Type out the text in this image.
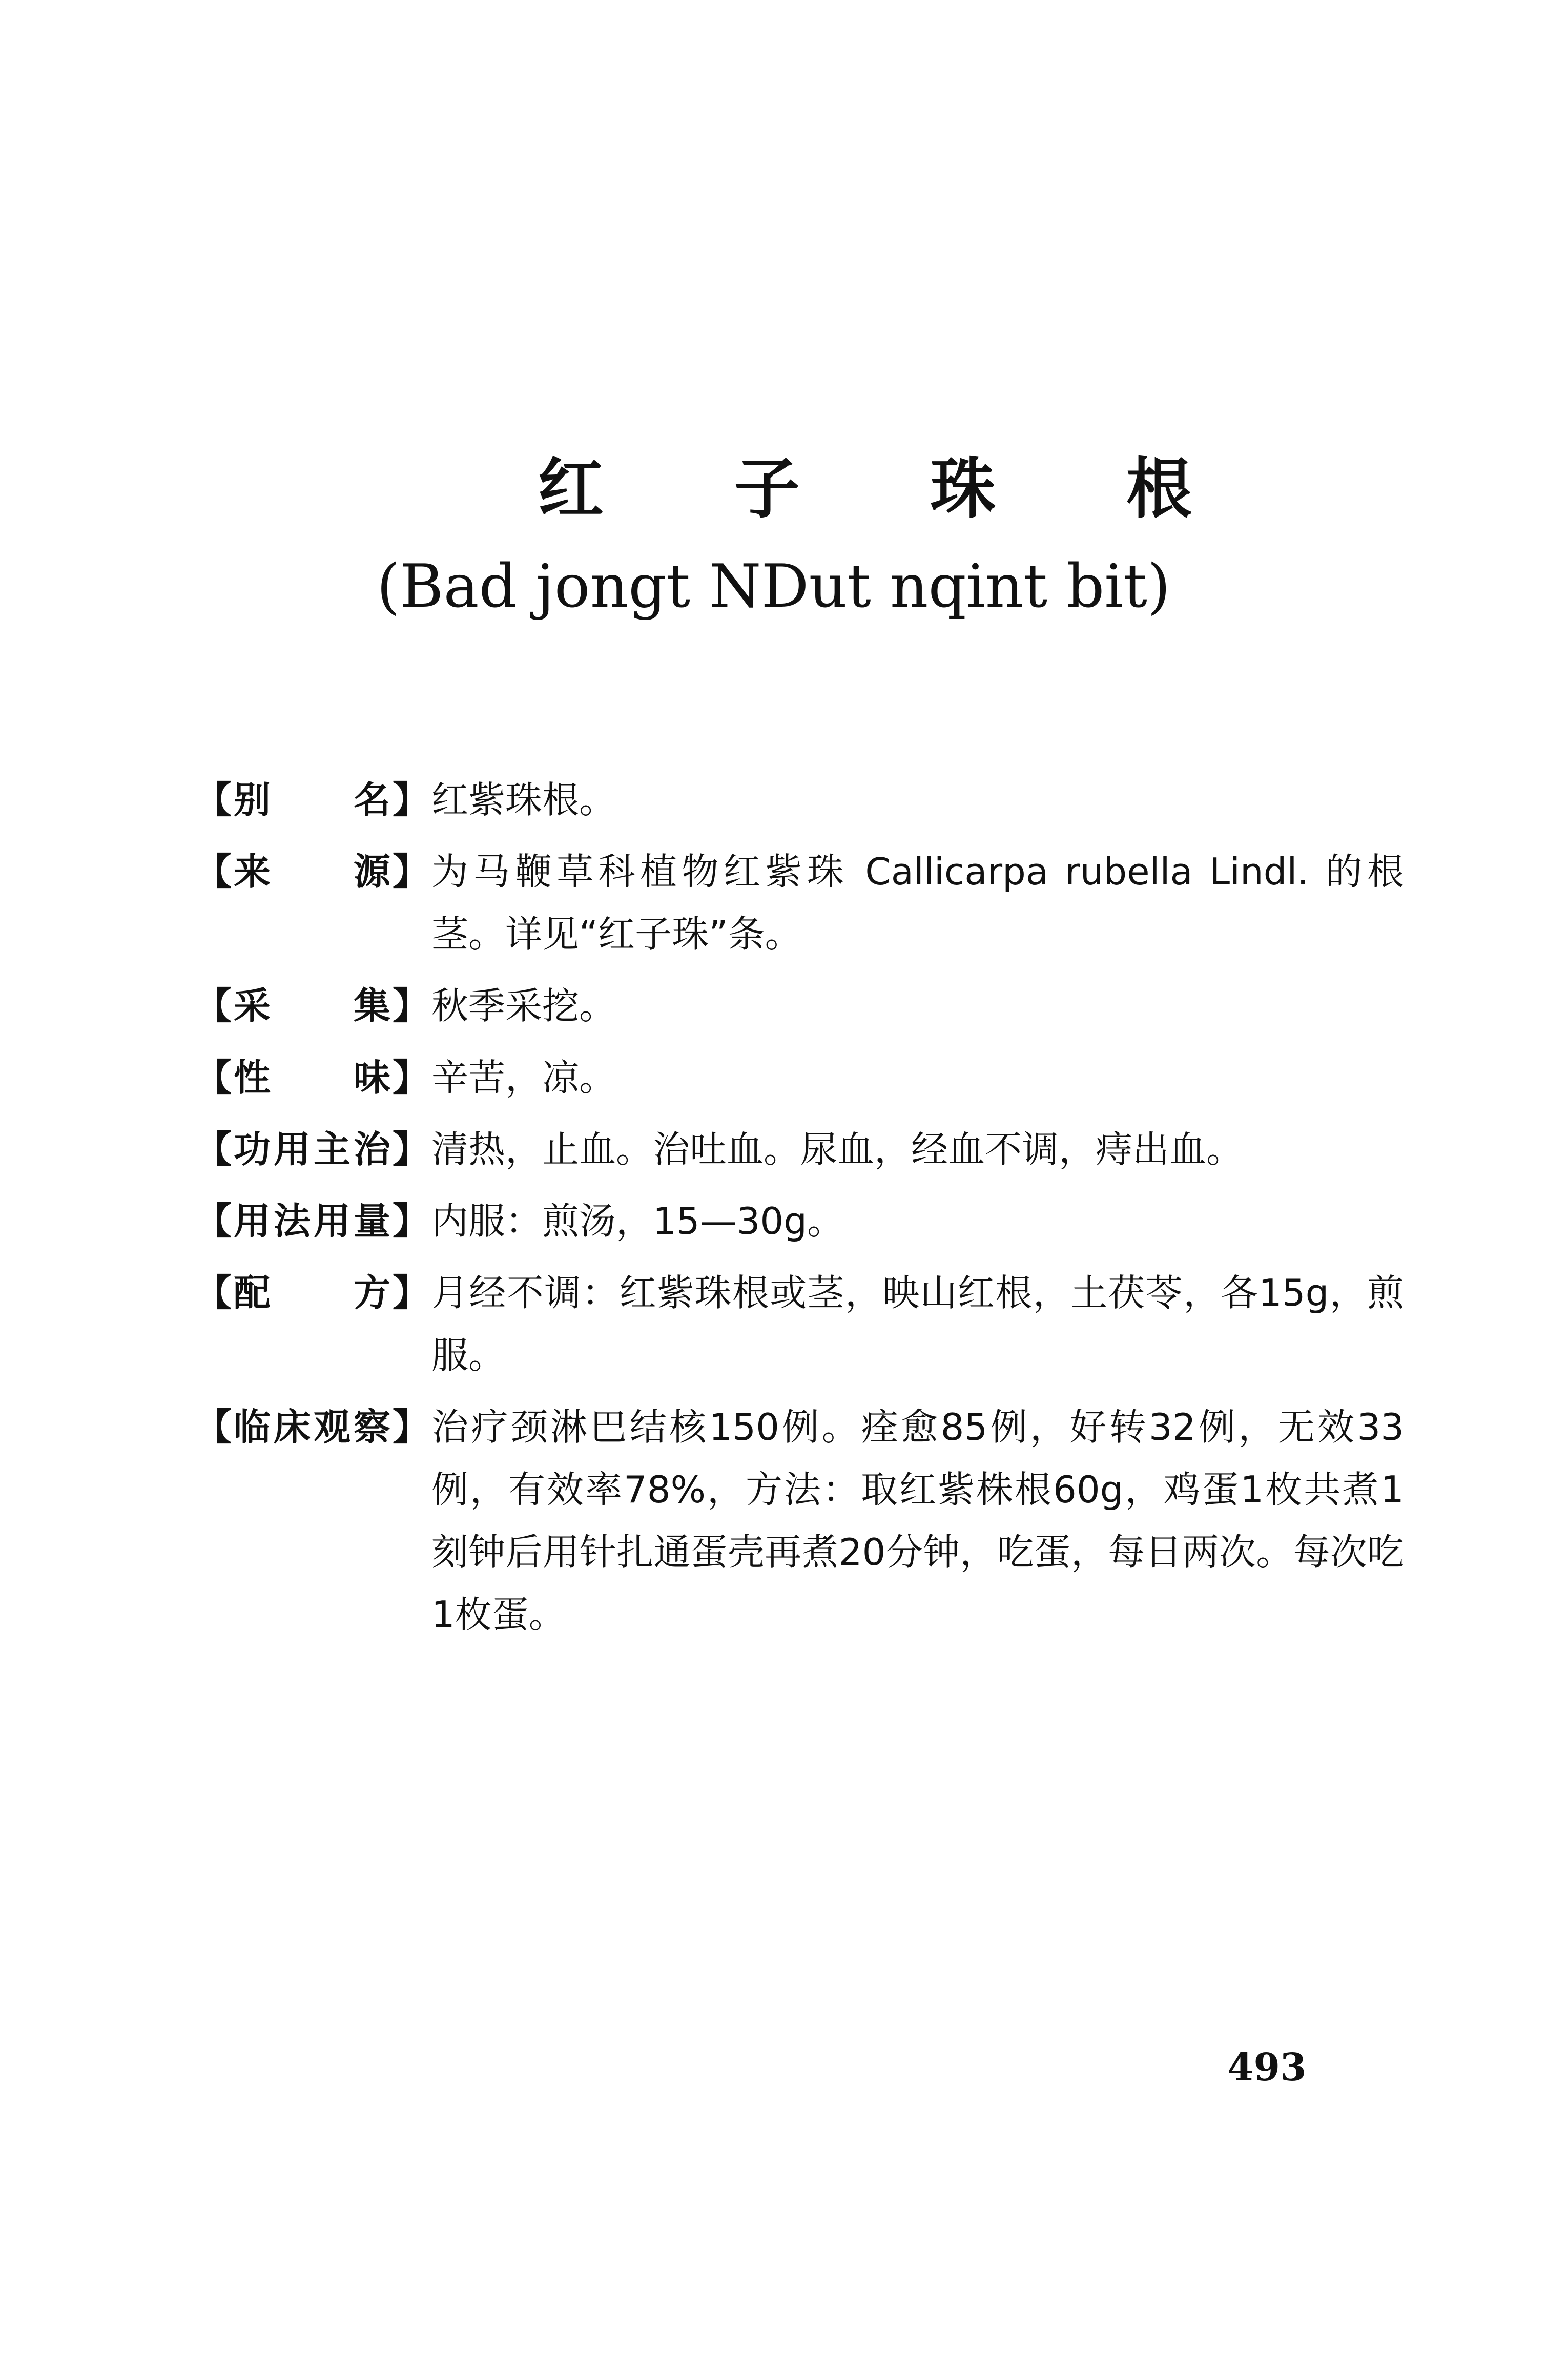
红 子 珠 根
(Bad jongt NDut nqint bit)
【 别 名 】 红紫珠根。
【 来 源 】 为马鞭草科植物红紫珠 Callicarpa rubella Lindl. 的根茎。详见“红子珠”条。
【 采 集 】 秋季采挖。
【 性 味 】 辛苦，凉。
【 功 用 主 治 】 清热，止血。治吐血。尿血，经血不调，痔出血。
【 用 法 用 量 】 内服：煎汤，15—30g。
【 配 方 】 月经不调：红紫珠根或茎，映山红根，土茯苓，各15g，煎服。
【 临 床 观 察 】 治疗颈淋巴结核150例。痊愈85例，好转32例，无效33例，有效率78%，方法：取红紫株根60g，鸡蛋1枚共煮1刻钟后用针扎通蛋壳再煮20分钟，吃蛋，每日两次。每次吃1枚蛋。
493
